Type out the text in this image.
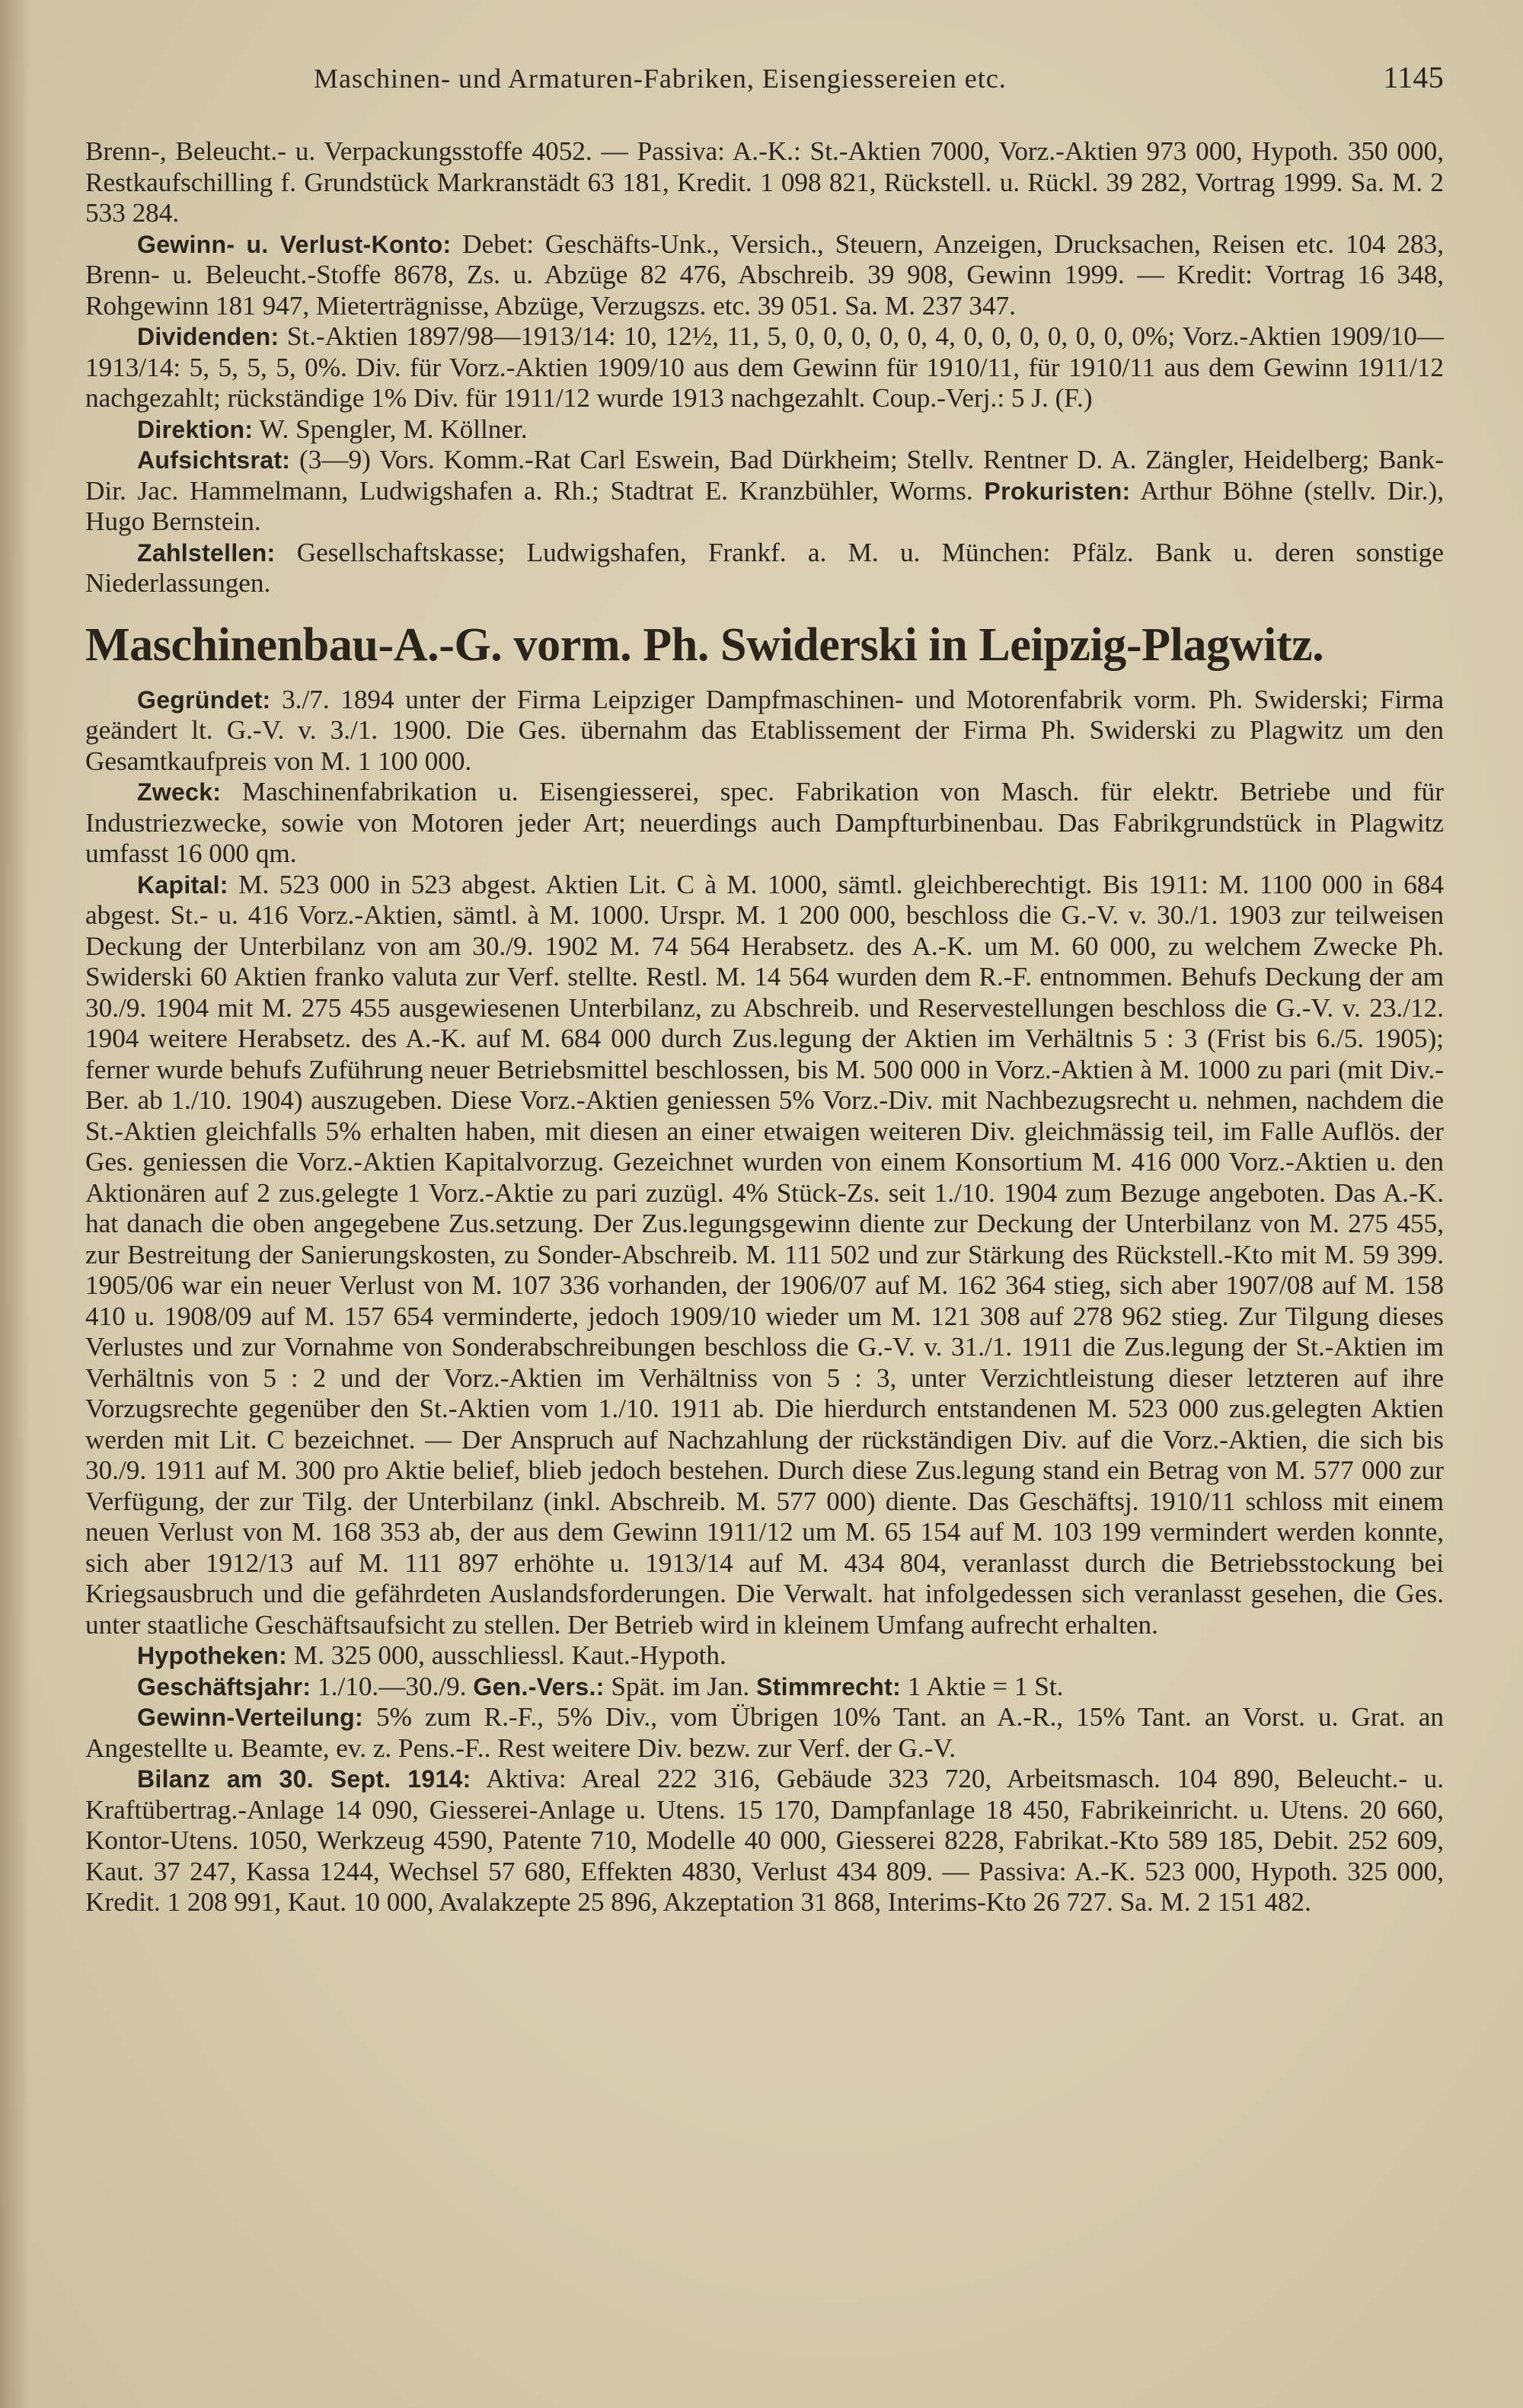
Maschinen- und Armaturen-Fabriken, Eisengiessereien etc.	1145

Brenn-, Beleucht.- u. Verpackungsstoffe 4052. — Passiva: A.-K.: St.-Aktien 7000, Vorz.-Aktien 973 000, Hypoth. 350 000, Restkaufschilling f. Grundstück Markranstädt 63 181, Kredit. 1 098 821, Rückstell. u. Rückl. 39 282, Vortrag 1999. Sa. M. 2 533 284.

Gewinn- u. Verlust-Konto: Debet: Geschäfts-Unk., Versich., Steuern, Anzeigen, Drucksachen, Reisen etc. 104 283, Brenn- u. Beleucht.-Stoffe 8678, Zs. u. Abzüge 82 476, Abschreib. 39 908, Gewinn 1999. — Kredit: Vortrag 16 348, Rohgewinn 181 947, Mieterträgnisse, Abzüge, Verzugszs. etc. 39 051. Sa. M. 237 347.

Dividenden: St.-Aktien 1897/98—1913/14: 10, 12½, 11, 5, 0, 0, 0, 0, 0, 4, 0, 0, 0, 0, 0, 0, 0%; Vorz.-Aktien 1909/10—1913/14: 5, 5, 5, 5, 0%. Div. für Vorz.-Aktien 1909/10 aus dem Gewinn für 1910/11, für 1910/11 aus dem Gewinn 1911/12 nachgezahlt; rückständige 1% Div. für 1911/12 wurde 1913 nachgezahlt. Coup.-Verj.: 5 J. (F.)

Direktion: W. Spengler, M. Köllner.

Aufsichtsrat: (3—9) Vors. Komm.-Rat Carl Eswein, Bad Dürkheim; Stellv. Rentner D. A. Zängler, Heidelberg; Bank-Dir. Jac. Hammelmann, Ludwigshafen a. Rh.; Stadtrat E. Kranzbühler, Worms. Prokuristen: Arthur Böhne (stellv. Dir.), Hugo Bernstein.

Zahlstellen: Gesellschaftskasse; Ludwigshafen, Frankf. a. M. u. München: Pfälz. Bank u. deren sonstige Niederlassungen.

Maschinenbau-A.-G. vorm. Ph. Swiderski in Leipzig-Plagwitz.

Gegründet: 3./7. 1894 unter der Firma Leipziger Dampfmaschinen- und Motorenfabrik vorm. Ph. Swiderski; Firma geändert lt. G.-V. v. 3./1. 1900. Die Ges. übernahm das Etablissement der Firma Ph. Swiderski zu Plagwitz um den Gesamtkaufpreis von M. 1 100 000.

Zweck: Maschinenfabrikation u. Eisengiesserei, spec. Fabrikation von Masch. für elektr. Betriebe und für Industriezwecke, sowie von Motoren jeder Art; neuerdings auch Dampfturbinenbau. Das Fabrikgrundstück in Plagwitz umfasst 16 000 qm.

Kapital: M. 523 000 in 523 abgest. Aktien Lit. C à M. 1000, sämtl. gleichberechtigt. Bis 1911: M. 1100 000 in 684 abgest. St.- u. 416 Vorz.-Aktien, sämtl. à M. 1000. Urspr. M. 1 200 000, beschloss die G.-V. v. 30./1. 1903 zur teilweisen Deckung der Unterbilanz von am 30./9. 1902 M. 74 564 Herabsetz. des A.-K. um M. 60 000, zu welchem Zwecke Ph. Swiderski 60 Aktien franko valuta zur Verf. stellte. Restl. M. 14 564 wurden dem R.-F. entnommen. Behufs Deckung der am 30./9. 1904 mit M. 275 455 ausgewiesenen Unterbilanz, zu Abschreib. und Reservestellungen beschloss die G.-V. v. 23./12. 1904 weitere Herabsetz. des A.-K. auf M. 684 000 durch Zus.legung der Aktien im Verhältnis 5 : 3 (Frist bis 6./5. 1905); ferner wurde behufs Zuführung neuer Betriebsmittel beschlossen, bis M. 500 000 in Vorz.-Aktien à M. 1000 zu pari (mit Div.-Ber. ab 1./10. 1904) auszugeben. Diese Vorz.-Aktien geniessen 5% Vorz.-Div. mit Nachbezugsrecht u. nehmen, nachdem die St.-Aktien gleichfalls 5% erhalten haben, mit diesen an einer etwaigen weiteren Div. gleichmässig teil, im Falle Auflös. der Ges. geniessen die Vorz.-Aktien Kapitalvorzug. Gezeichnet wurden von einem Konsortium M. 416 000 Vorz.-Aktien u. den Aktionären auf 2 zus.gelegte 1 Vorz.-Aktie zu pari zuzügl. 4% Stück-Zs. seit 1./10. 1904 zum Bezuge angeboten. Das A.-K. hat danach die oben angegebene Zus.setzung. Der Zus.legungsgewinn diente zur Deckung der Unterbilanz von M. 275 455, zur Bestreitung der Sanierungskosten, zu Sonder-Abschreib. M. 111 502 und zur Stärkung des Rückstell.-Kto mit M. 59 399. 1905/06 war ein neuer Verlust von M. 107 336 vorhanden, der 1906/07 auf M. 162 364 stieg, sich aber 1907/08 auf M. 158 410 u. 1908/09 auf M. 157 654 verminderte, jedoch 1909/10 wieder um M. 121 308 auf 278 962 stieg. Zur Tilgung dieses Verlustes und zur Vornahme von Sonderabschreibungen beschloss die G.-V. v. 31./1. 1911 die Zus.legung der St.-Aktien im Verhältnis von 5 : 2 und der Vorz.-Aktien im Verhältniss von 5 : 3, unter Verzichtleistung dieser letzteren auf ihre Vorzugsrechte gegenüber den St.-Aktien vom 1./10. 1911 ab. Die hierdurch entstandenen M. 523 000 zus.gelegten Aktien werden mit Lit. C bezeichnet. — Der Anspruch auf Nachzahlung der rückständigen Div. auf die Vorz.-Aktien, die sich bis 30./9. 1911 auf M. 300 pro Aktie belief, blieb jedoch bestehen. Durch diese Zus.legung stand ein Betrag von M. 577 000 zur Verfügung, der zur Tilg. der Unterbilanz (inkl. Abschreib. M. 577 000) diente. Das Geschäftsj. 1910/11 schloss mit einem neuen Verlust von M. 168 353 ab, der aus dem Gewinn 1911/12 um M. 65 154 auf M. 103 199 vermindert werden konnte, sich aber 1912/13 auf M. 111 897 erhöhte u. 1913/14 auf M. 434 804, veranlasst durch die Betriebsstockung bei Kriegsausbruch und die gefährdeten Auslandsforderungen. Die Verwalt. hat infolgedessen sich veranlasst gesehen, die Ges. unter staatliche Geschäftsaufsicht zu stellen. Der Betrieb wird in kleinem Umfang aufrecht erhalten.

Hypotheken: M. 325 000, ausschliessl. Kaut.-Hypoth.

Geschäftsjahr: 1./10.—30./9. Gen.-Vers.: Spät. im Jan. Stimmrecht: 1 Aktie = 1 St.

Gewinn-Verteilung: 5% zum R.-F., 5% Div., vom Übrigen 10% Tant. an A.-R., 15% Tant. an Vorst. u. Grat. an Angestellte u. Beamte, ev. z. Pens.-F.. Rest weitere Div. bezw. zur Verf. der G.-V.

Bilanz am 30. Sept. 1914: Aktiva: Areal 222 316, Gebäude 323 720, Arbeitsmasch. 104 890, Beleucht.- u. Kraftübertrag.-Anlage 14 090, Giesserei-Anlage u. Utens. 15 170, Dampfanlage 18 450, Fabrikeinricht. u. Utens. 20 660, Kontor-Utens. 1050, Werkzeug 4590, Patente 710, Modelle 40 000, Giesserei 8228, Fabrikat.-Kto 589 185, Debit. 252 609, Kaut. 37 247, Kassa 1244, Wechsel 57 680, Effekten 4830, Verlust 434 809. — Passiva: A.-K. 523 000, Hypoth. 325 000, Kredit. 1 208 991, Kaut. 10 000, Avalakzepte 25 896, Akzeptation 31 868, Interims-Kto 26 727. Sa. M. 2 151 482.
